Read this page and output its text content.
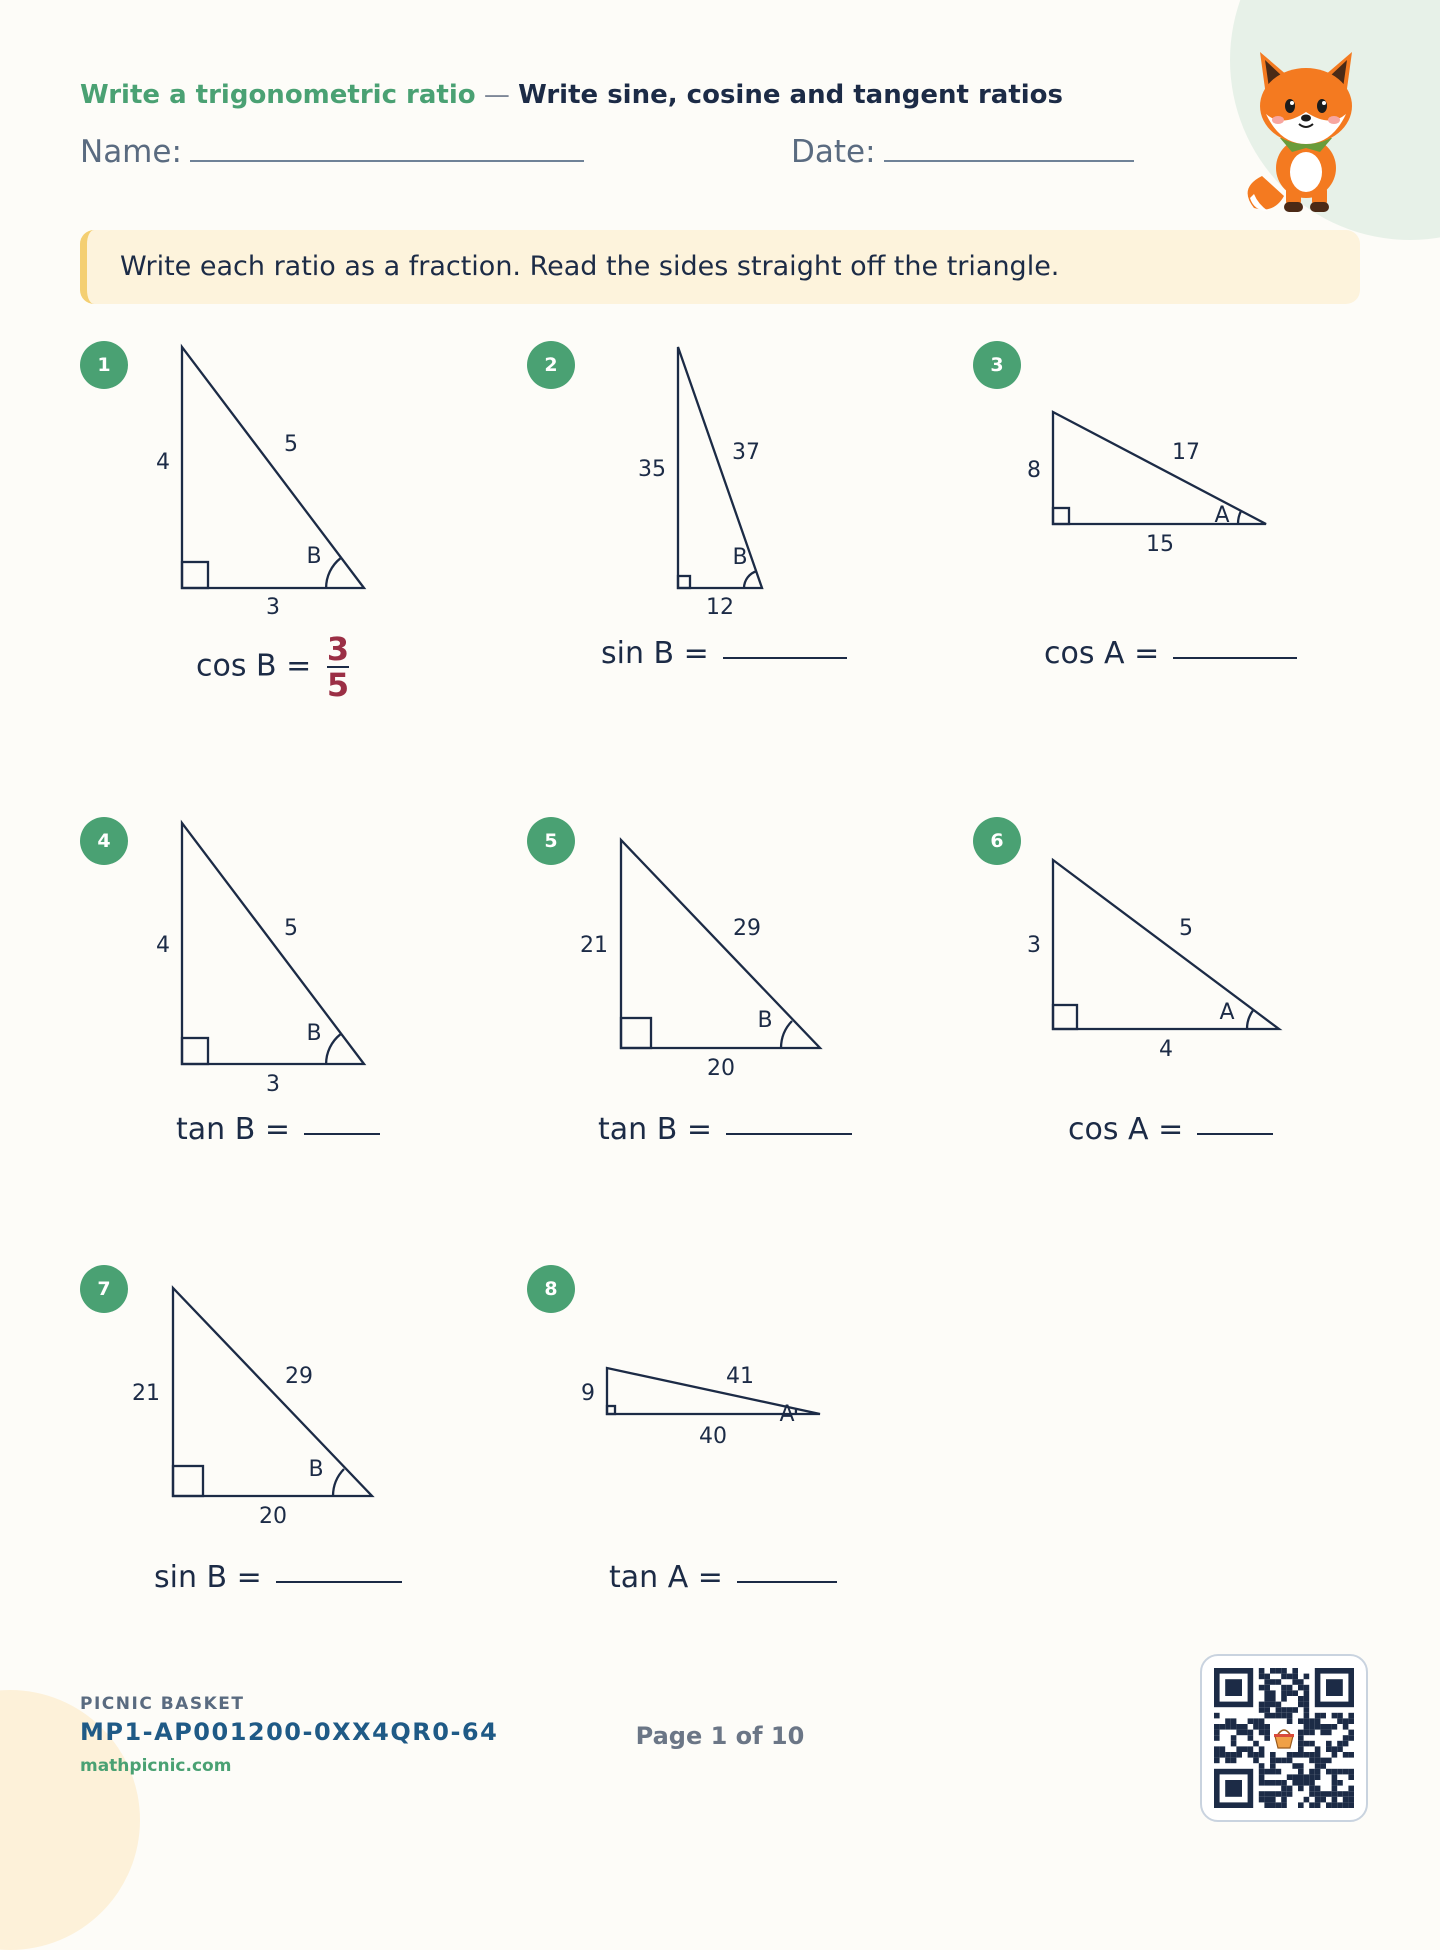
Write a trigonometric ratio — Write sine, cosine and tangent ratios
Name:	Date:
Write each ratio as a fraction. Read the sides straight off the triangle.
1
4
5
3
B
$\cos B = \frac{3}{5}$
2
35
37
12
B
sin B =
3
8
17
15
A
cos A =
4
4
5
3
B
tan B =
5
21
29
20
B
tan B =
6
3
5
4
A
cos A =
7
21
29
20
B
sin B =
8
9
41
40
A
tan A =
PICNIC BASKET
MP1-AP001200-0XX4QR0-64
mathpicnic.com
Page 1 of 10
